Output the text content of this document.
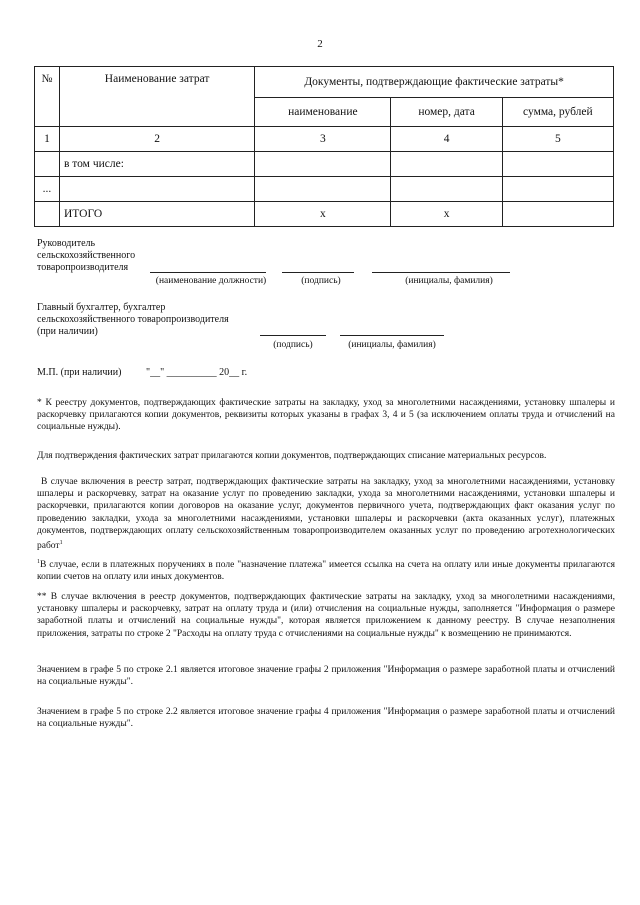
2
№	Наименование затрат	Документы, подтверждающие фактические затраты*		
		наименование	номер, дата	сумма, рублей
1	2	3	4	5
	в том числе:			
...				
	ИТОГО	x	x	
Руководитель
сельскохозяйственного
товаропроизводителя
(наименование должности)	(подпись)	(инициалы, фамилия)
Главный бухгалтер, бухгалтер
сельскохозяйственного товаропроизводителя
(при наличии)
(подпись)	(инициалы, фамилия)
М.П. (при наличии) "__" __________ 20__ г.
* К реестру документов, подтверждающих фактические затраты на закладку, уход за многолетними насаждениями, установку шпалеры и раскорчевку прилагаются копии документов, реквизиты которых указаны в графах 3, 4 и 5 (за исключением оплаты труда и отчислений на социальные нужды).
Для подтверждения фактических затрат прилагаются копии документов, подтверждающих списание материальных ресурсов.
В случае включения в реестр затрат, подтверждающих фактические затраты на закладку, уход за многолетними насаждениями, установку шпалеры и раскорчевку, затрат на оказание услуг по проведению закладки, ухода за многолетними насаждениями, установки шпалеры и раскорчевки, прилагаются копии договоров на оказание услуг, документов первичного учета, подтверждающих факт оказания услуг по проведению закладки, ухода за многолетними насаждениями, установки шпалеры и раскорчевки (акта оказанных услуг), платежных документов, подтверждающих оплату сельскохозяйственным товаропроизводителем оказанных услуг по проведению агротехнологических работ$^1$
$^1$В случае, если в платежных поручениях в поле "назначение платежа" имеется ссылка на счета на оплату или иные документы прилагаются копии счетов на оплату или иных документов.
** В случае включения в реестр документов, подтверждающих фактические затраты на закладку, уход за многолетними насаждениями, установку шпалеры и раскорчевку, затрат на оплату труда и (или) отчисления на социальные нужды, заполняется "Информация о размере заработной платы и отчислений на социальные нужды", которая является приложением к данному реестру. В случае незаполнения приложения, затраты по строке 2 "Расходы на оплату труда с отчислениями на социальные нужды" к возмещению не принимаются.
Значением в графе 5 по строке 2.1 является итоговое значение графы 2 приложения "Информация о размере заработной платы и отчислений на социальные нужды".
Значением в графе 5 по строке 2.2 является итоговое значение графы 4 приложения "Информация о размере заработной платы и отчислений на социальные нужды".
